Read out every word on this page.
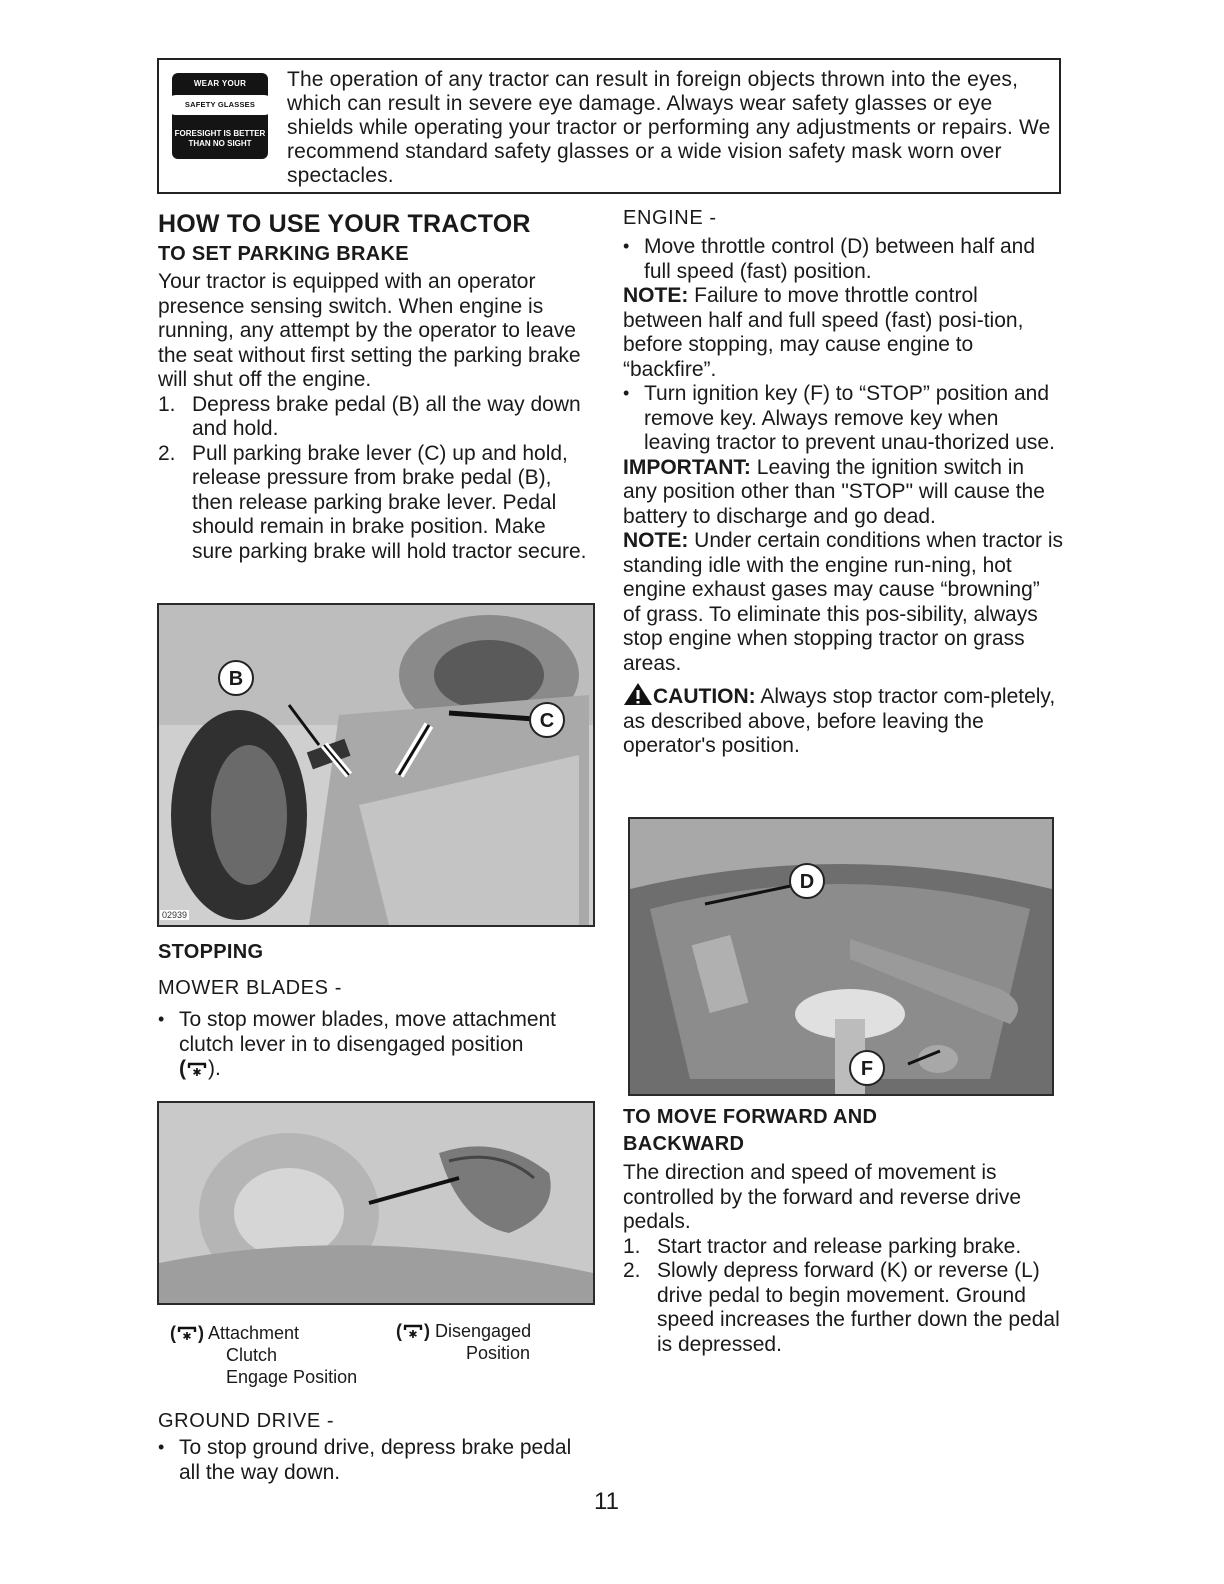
WEAR YOUR
SAFETY GLASSES
FORESIGHT IS BETTER
THAN NO SIGHT
The operation of any tractor can result in foreign objects thrown into the eyes, which can result in severe eye damage. Always wear safety glasses or eye shields while operating your tractor or performing any adjustments or repairs. We recommend standard safety glasses or a wide vision safety mask worn over spectacles.
HOW TO USE YOUR TRACTOR
TO SET PARKING BRAKE

Your tractor is equipped with an operator presence sensing switch. When engine is running, any attempt by the operator to leave the seat without first setting the parking brake will shut off the engine.

1. Depress brake pedal (B) all the way down and hold.
2. Pull parking brake lever (C) up and hold, release pressure from brake pedal (B), then release parking brake lever. Pedal should remain in brake position. Make sure parking brake will hold tractor secure.
B
C
02939
STOPPING
MOWER BLADES -
• To stop mower blades, move attachment clutch lever in to disengaged position
( ✱ ).
( ✱ ) Attachment
Clutch
Engage Position
( ✱ ) Disengaged
Position
GROUND DRIVE -
• To stop ground drive, depress brake pedal all the way down.
ENGINE -
• Move throttle control (D) between half and full speed (fast) position.

NOTE: Failure to move throttle control between half and full speed (fast) posi-tion, before stopping, may cause engine to “backfire”.

• Turn ignition key (F) to “STOP” position and remove key. Always remove key when leaving tractor to prevent unau-thorized use.

IMPORTANT: Leaving the ignition switch in any position other than "STOP" will cause the battery to discharge and go dead.

NOTE: Under certain conditions when tractor is standing idle with the engine run-ning, hot engine exhaust gases may cause “browning” of grass. To eliminate this pos-sibility, always stop engine when stopping tractor on grass areas.

CAUTION: Always stop tractor com-pletely, as described above, before leaving the operator's position.

D
F
TO MOVE FORWARD AND
BACKWARD

The direction and speed of movement is controlled by the forward and reverse drive pedals.

1. Start tractor and release parking brake.
2. Slowly depress forward (K) or reverse (L) drive pedal to begin movement. Ground speed increases the further down the pedal is depressed.
11
